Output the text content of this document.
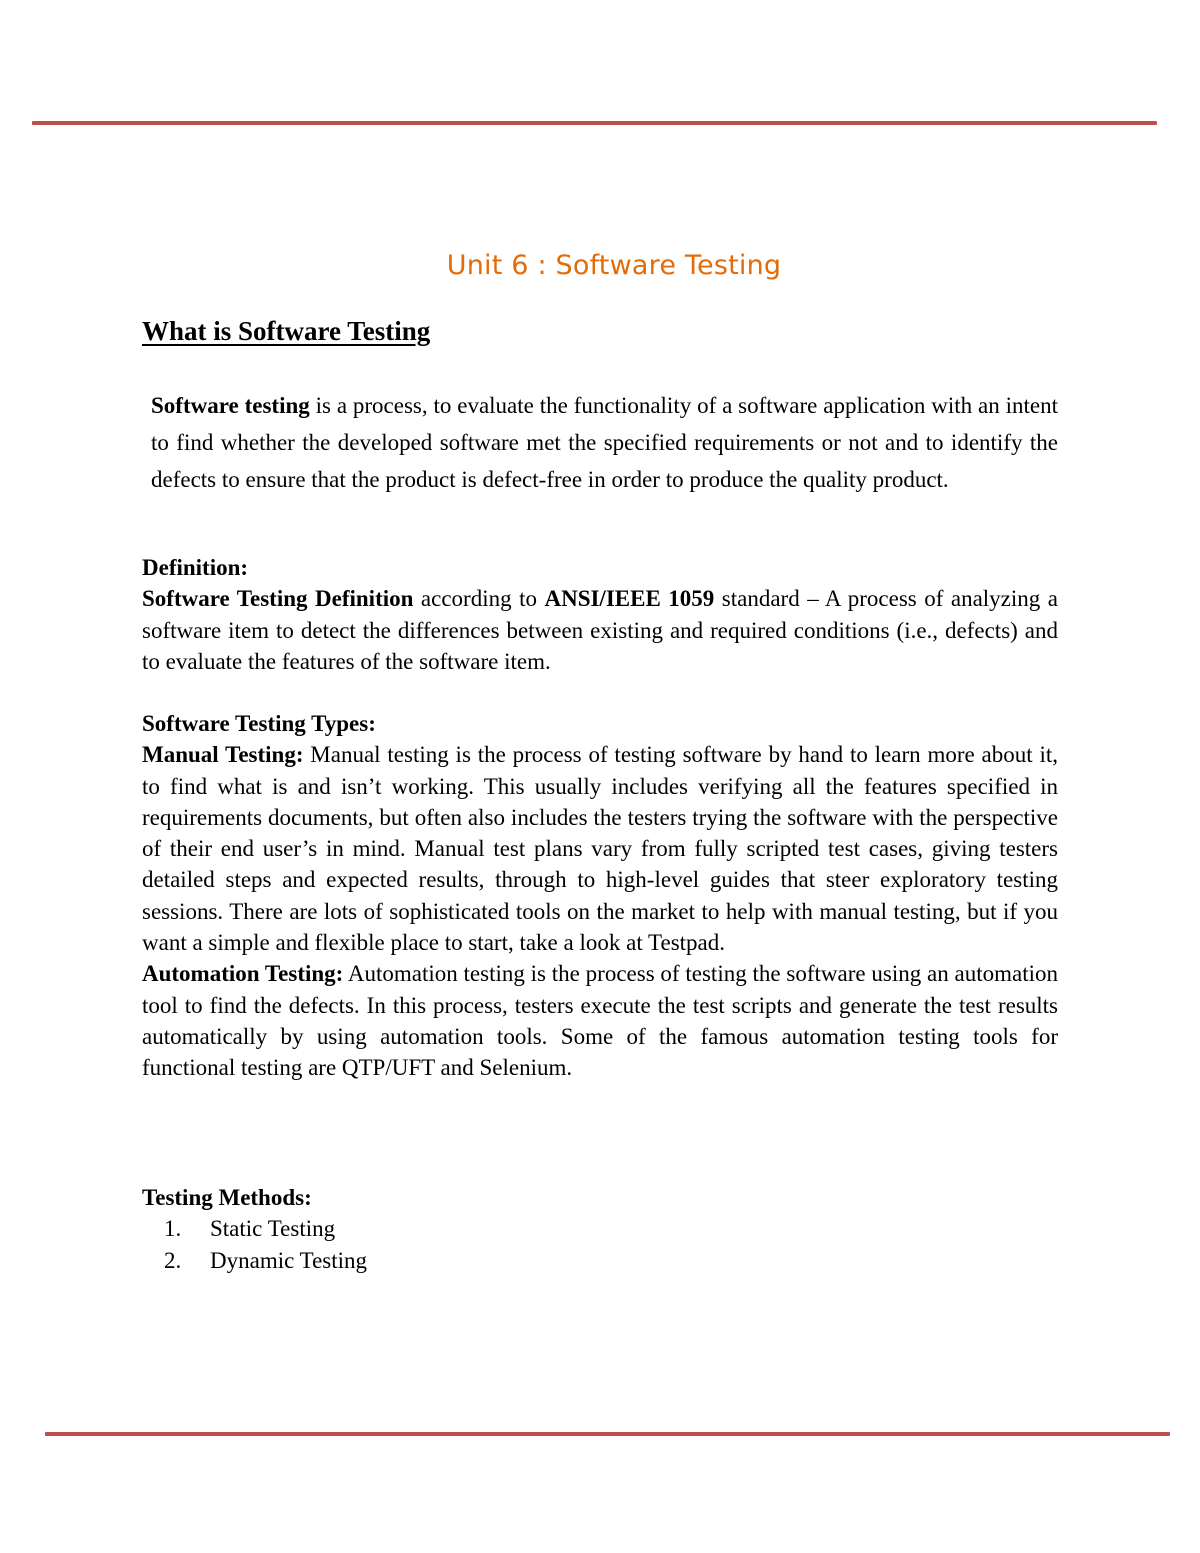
Unit 6 : Software Testing
What is Software Testing

Software testing is a process, to evaluate the functionality of a software application with an intent to find whether the developed software met the specified requirements or not and to identify the defects to ensure that the product is defect-free in order to produce the quality product.

Definition:
Software Testing Definition according to ANSI/IEEE 1059 standard – A process of analyzing a software item to detect the differences between existing and required conditions (i.e., defects) and to evaluate the features of the software item.
Software Testing Types:
Manual Testing: Manual testing is the process of testing software by hand to learn more about it, to find what is and isn’t working. This usually includes verifying all the features specified in requirements documents, but often also includes the testers trying the software with the perspective of their end user’s in mind. Manual test plans vary from fully scripted test cases, giving testers detailed steps and expected results, through to high-level guides that steer exploratory testing sessions. There are lots of sophisticated tools on the market to help with manual testing, but if you want a simple and flexible place to start, take a look at Testpad.
Automation Testing: Automation testing is the process of testing the software using an automation tool to find the defects. In this process, testers execute the test scripts and generate the test results automatically by using automation tools. Some of the famous automation testing tools for functional testing are QTP/UFT and Selenium.
Testing Methods:
1. Static Testing
2. Dynamic Testing
